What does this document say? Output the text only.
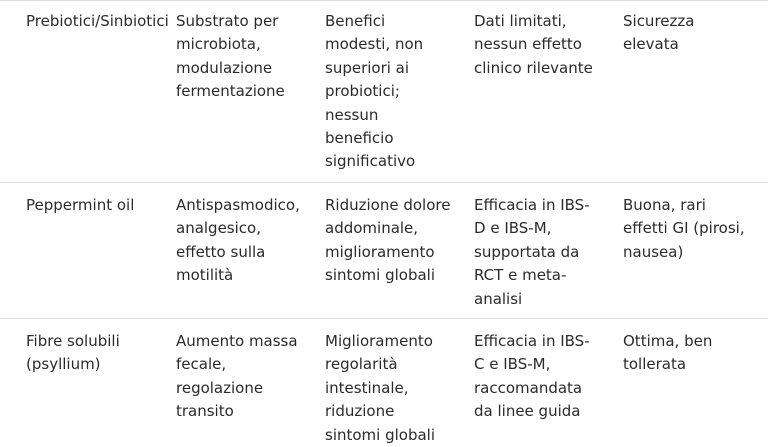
Prebiotici/Sinbiotici Substrato per microbiota, modulazione fermentazione
Benefici modesti, non superiori ai probiotici; nessun beneficio significativo
Dati limitati, nessun effetto clinico rilevante
Sicurezza elevata
Peppermint oil	Antispasmodico, analgesico, effetto sulla motilità
Riduzione dolore addominale, miglioramento sintomi globali
Efficacia in IBS-D e IBS-M, supportata da RCT e meta-analisi
Buona, rari effetti GI (pirosi, nausea)
Fibre solubili (psyllium)
Aumento massa fecale, regolazione transito
Miglioramento regolarità intestinale, riduzione sintomi globali
Efficacia in IBS-C e IBS-M, raccomandata da linee guida
Ottima, ben tollerata
